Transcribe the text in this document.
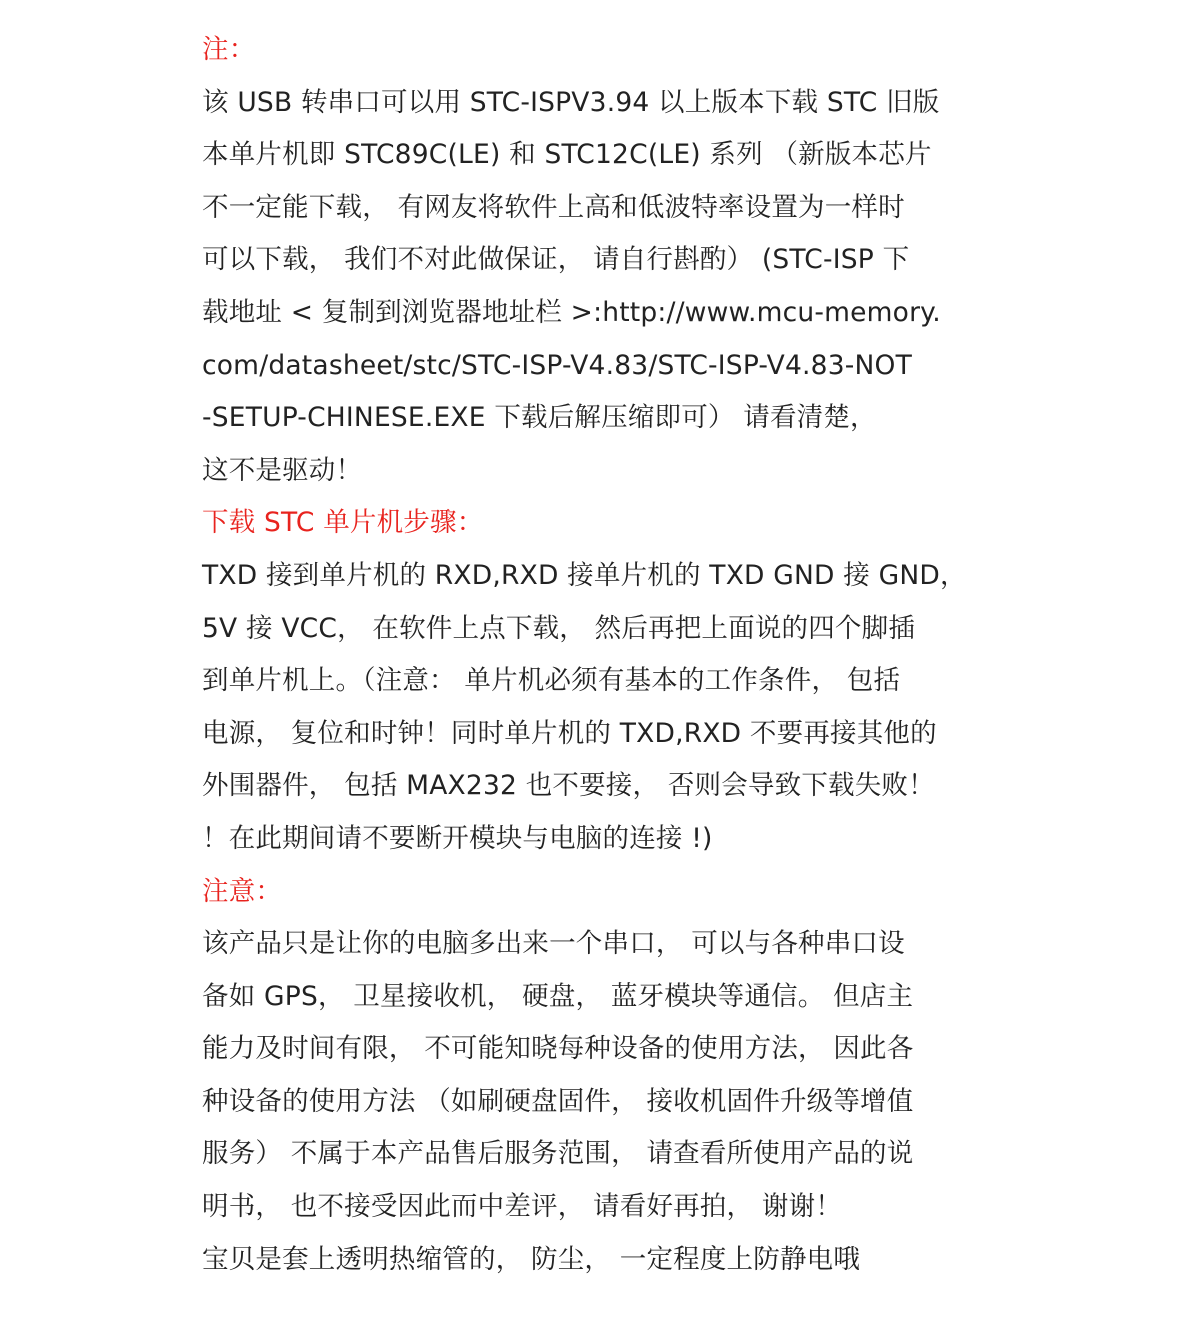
注：
该 USB 转串口可以用 STC-ISPV3.94 以上版本下载 STC 旧版
本单片机即 STC89C(LE) 和 STC12C(LE) 系列 （新版本芯片
不一定能下载， 有网友将软件上高和低波特率设置为一样时
可以下载， 我们不对此做保证， 请自行斟酌） (STC-ISP 下
载地址 < 复制到浏览器地址栏 >:http://www.mcu-memory.
com/datasheet/stc/STC-ISP-V4.83/STC-ISP-V4.83-NOT
-SETUP-CHINESE.EXE 下载后解压缩即可） 请看清楚，
这不是驱动！
下载 STC 单片机步骤：
TXD 接到单片机的 RXD,RXD 接单片机的 TXD GND 接 GND，
5V 接 VCC， 在软件上点下载， 然后再把上面说的四个脚插
到单片机上。（注意： 单片机必须有基本的工作条件， 包括
电源， 复位和时钟！同时单片机的 TXD,RXD 不要再接其他的
外围器件， 包括 MAX232 也不要接， 否则会导致下载失败！
！在此期间请不要断开模块与电脑的连接 !)
注意：
该产品只是让你的电脑多出来一个串口， 可以与各种串口设
备如 GPS， 卫星接收机， 硬盘， 蓝牙模块等通信。 但店主
能力及时间有限， 不可能知晓每种设备的使用方法， 因此各
种设备的使用方法 （如刷硬盘固件， 接收机固件升级等增值
服务） 不属于本产品售后服务范围， 请查看所使用产品的说
明书， 也不接受因此而中差评， 请看好再拍， 谢谢！
宝贝是套上透明热缩管的， 防尘， 一定程度上防静电哦
